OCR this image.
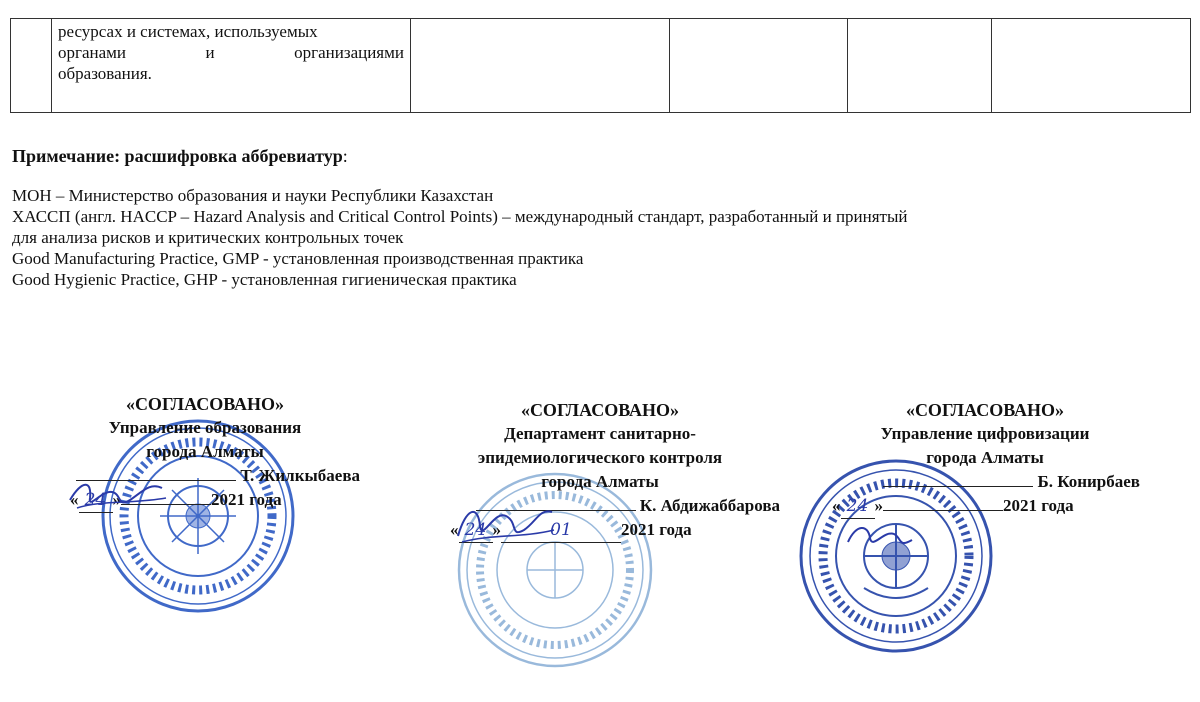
ресурсах и системах, используемых
органами	и	организациями
образования.

Примечание: расшифровка аббревиатур:
МОН – Министерство образования и науки Республики Казахстан
ХАССП (англ. HACCP – Hazard Analysis and Critical Control Points) – международный стандарт, разработанный и принятый
для анализа рисков и критических контрольных точек
Good Manufacturing Practice, GMP - установленная производственная практика
Good Hygienic Practice, GHP - установленная гигиеническая практика
«СОГЛАСОВАНО»
Управление образования
города Алматы
Т. Жилкыбаева
« 24 »	2021 года
«СОГЛАСОВАНО»
Департамент санитарно-
эпидемиологического контроля
города Алматы
К. Абдижаббарова
« 24 »	01	2021 года
«СОГЛАСОВАНО»
Управление цифровизации
города Алматы
Б. Конирбаев
« 24 »	2021 года
